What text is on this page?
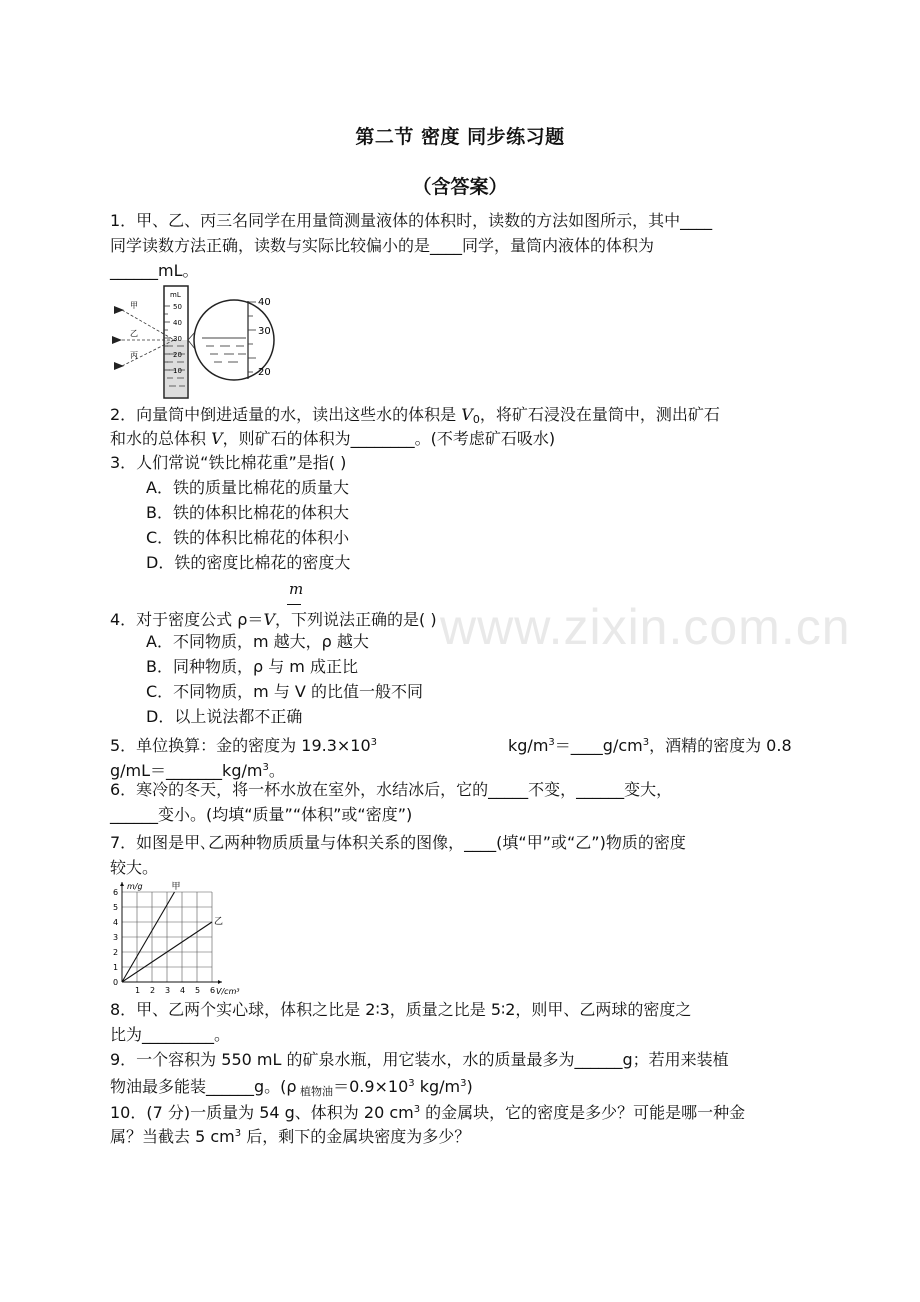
www.zixin.com.cn
第二节 密度 同步练习题
（含答案）
1．甲、乙、丙三名同学在用量筒测量液体的体积时，读数的方法如图所示，其中____
同学读数方法正确，读数与实际比较偏小的是____同学，量筒内液体的体积为
______mL。
mL
50
40
30
20
10
甲
乙
丙
40
30
20
2．向量筒中倒进适量的水，读出这些水的体积是 $V_0$，将矿石浸没在量筒中，测出矿石
和水的总体积 V，则矿石的体积为________。(不考虑矿石吸水)
3．人们常说“铁比棉花重”是指( )
A．铁的质量比棉花的质量大
B．铁的体积比棉花的体积大
C．铁的体积比棉花的体积小
D．铁的密度比棉花的密度大
m
4．对于密度公式 ρ＝V，下列说法正确的是( )
A．不同物质，m 越大，ρ 越大
B．同种物质，ρ 与 m 成正比
C．不同物质，m 与 V 的比值一般不同
D．以上说法都不正确
5．单位换算：金的密度为 $19.3\times 10^3$	$kg/m^3=\_\_\_\_g/cm^3$，酒精的密度为 0.8
$g/mL=\_\_\_\_\_\_\_kg/m^3$。
6．寒冷的冬天，将一杯水放在室外，水结冰后，它的_____不变，______变大，
______变小。(均填“质量”“体积”或“密度”)
7．如图是甲､乙两种物质质量与体积关系的图像，____(填“甲”或“乙”)物质的密度
较大。
1 2 3 4 5 6
0
1
2
3
4
5
6
m/g
V/cm³
甲
乙
8．甲、乙两个实心球，体积之比是 2∶3，质量之比是 5∶2，则甲、乙两球的密度之
比为_________。
9．一个容积为 550 mL 的矿泉水瓶，用它装水，水的质量最多为______g；若用来装植
物油最多能装______g。(ρ $_{植物油}=0.9\times 10^3$ $kg/m^3$)
10．(7 分)一质量为 54 g、体积为 20 $cm^3$ 的金属块，它的密度是多少？可能是哪一种金
属？当截去 5 $cm^3$ 后，剩下的金属块密度为多少？
